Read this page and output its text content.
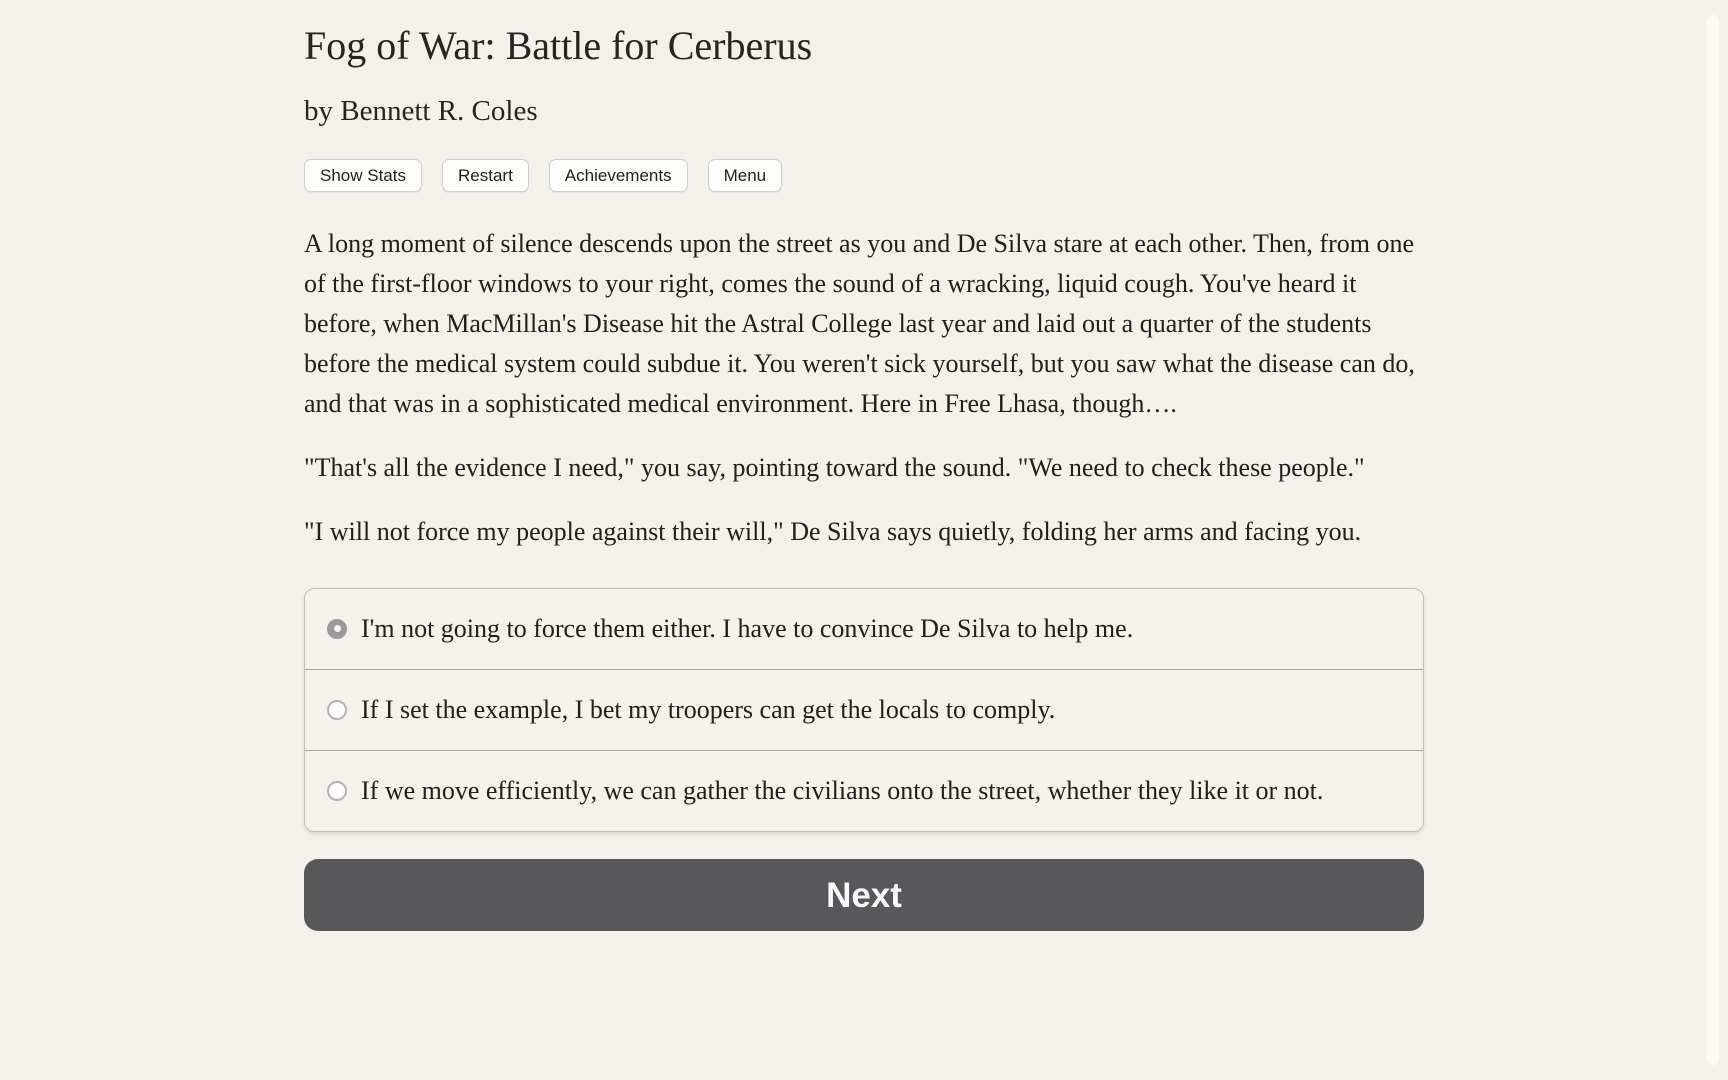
Fog of War: Battle for Cerberus
by Bennett R. Coles
Show Stats	Restart	Achievements	Menu

A long moment of silence descends upon the street as you and De Silva stare at each other. Then, from one of the first-floor windows to your right, comes the sound of a wracking, liquid cough. You've heard it before, when MacMillan's Disease hit the Astral College last year and laid out a quarter of the students before the medical system could subdue it. You weren't sick yourself, but you saw what the disease can do, and that was in a sophisticated medical environment. Here in Free Lhasa, though….

"That's all the evidence I need," you say, pointing toward the sound. "We need to check these people."

"I will not force my people against their will," De Silva says quietly, folding her arms and facing you.

I'm not going to force them either. I have to convince De Silva to help me.
If I set the example, I bet my troopers can get the locals to comply.
If we move efficiently, we can gather the civilians onto the street, whether they like it or not.
Next
